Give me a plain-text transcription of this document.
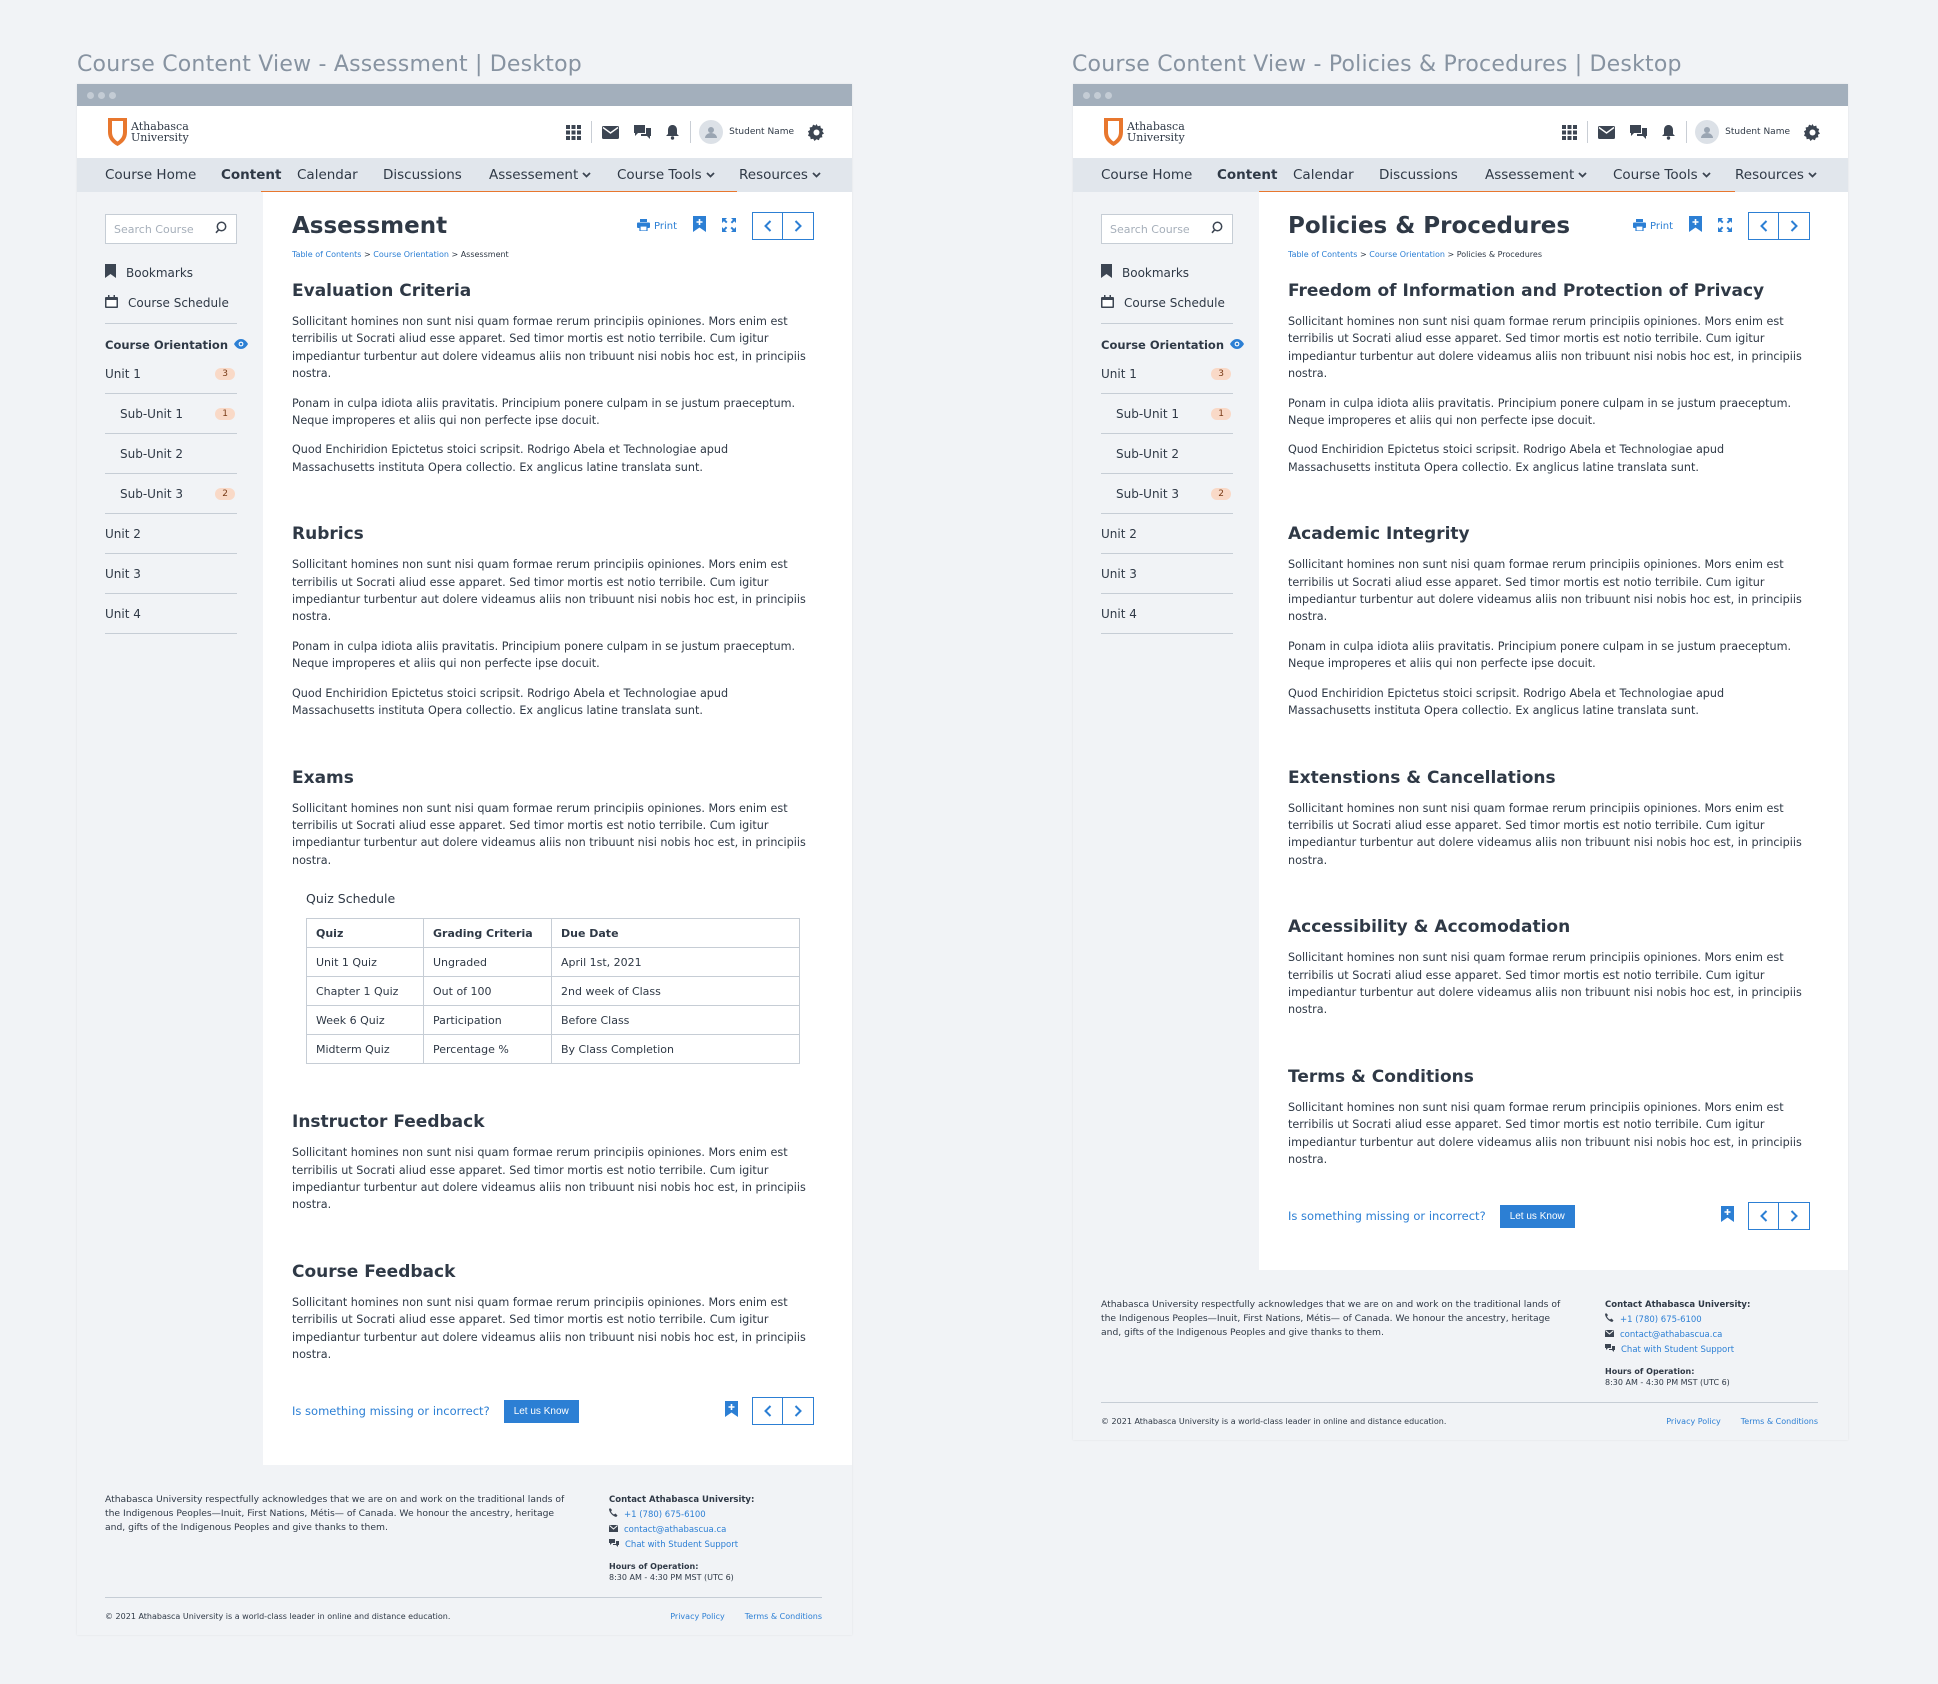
Course Content View - Assessment | Desktop	Course Content View - Policies & Procedures | Desktop
Athabasca
University	Student Name
Course Home Content Calendar Discussions Assessement	Course Tools	Resources
Search Course
Bookmarks
Course Schedule
Course Orientation
Unit 1	3
Sub-Unit 1	1
Sub-Unit 2
Sub-Unit 3	2
Unit 2
Unit 3
Unit 4
Assessment	Print
Table of Contents > Course Orientation > Assessment
Evaluation Criteria

Sollicitant homines non sunt nisi quam formae rerum principiis opiniones. Mors enim est terribilis ut Socrati aliud esse apparet. Sed timor mortis est notio terribile. Cum igitur impediantur turbentur aut dolere videamus aliis non tribuunt nisi nobis hoc est, in principiis nostra.

Ponam in culpa idiota aliis pravitatis. Principium ponere culpam in se justum praeceptum. Neque improperes et aliis qui non perfecte ipse docuit.

Quod Enchiridion Epictetus stoici scripsit. Rodrigo Abela et Technologiae apud Massachusetts instituta Opera collectio. Ex anglicus latine translata sunt.

Rubrics

Sollicitant homines non sunt nisi quam formae rerum principiis opiniones. Mors enim est terribilis ut Socrati aliud esse apparet. Sed timor mortis est notio terribile. Cum igitur impediantur turbentur aut dolere videamus aliis non tribuunt nisi nobis hoc est, in principiis nostra.

Ponam in culpa idiota aliis pravitatis. Principium ponere culpam in se justum praeceptum. Neque improperes et aliis qui non perfecte ipse docuit.

Quod Enchiridion Epictetus stoici scripsit. Rodrigo Abela et Technologiae apud Massachusetts instituta Opera collectio. Ex anglicus latine translata sunt.

Exams

Sollicitant homines non sunt nisi quam formae rerum principiis opiniones. Mors enim est terribilis ut Socrati aliud esse apparet. Sed timor mortis est notio terribile. Cum igitur impediantur turbentur aut dolere videamus aliis non tribuunt nisi nobis hoc est, in principiis nostra.

Quiz Schedule
Quiz	Grading Criteria	Due Date
Unit 1 Quiz	Ungraded	April 1st, 2021
Chapter 1 Quiz	Out of 100	2nd week of Class
Week 6 Quiz	Participation	Before Class
Midterm Quiz	Percentage %	By Class Completion
Instructor Feedback

Sollicitant homines non sunt nisi quam formae rerum principiis opiniones. Mors enim est terribilis ut Socrati aliud esse apparet. Sed timor mortis est notio terribile. Cum igitur impediantur turbentur aut dolere videamus aliis non tribuunt nisi nobis hoc est, in principiis nostra.

Course Feedback

Sollicitant homines non sunt nisi quam formae rerum principiis opiniones. Mors enim est terribilis ut Socrati aliud esse apparet. Sed timor mortis est notio terribile. Cum igitur impediantur turbentur aut dolere videamus aliis non tribuunt nisi nobis hoc est, in principiis nostra.

Is something missing or incorrect?	Let us Know
Athabasca University respectfully acknowledges that we are on and work on the traditional lands of the Indigenous Peoples—Inuit, First Nations, Métis— of Canada. We honour the ancestry, heritage and, gifts of the Indigenous Peoples and give thanks to them.
Contact Athabasca University:
+1 (780) 675-6100
contact@athabascua.ca
Chat with Student Support
Hours of Operation:
8:30 AM - 4:30 PM MST (UTC 6)
© 2021 Athabasca University is a world-class leader in online and distance education.	Privacy Policy	Terms & Conditions
Athabasca
University	Student Name
Course Home Content Calendar Discussions Assessement	Course Tools	Resources
Search Course
Bookmarks
Course Schedule
Course Orientation
Unit 1	3
Sub-Unit 1	1
Sub-Unit 2
Sub-Unit 3	2
Unit 2
Unit 3
Unit 4
Policies & Procedures	Print
Table of Contents > Course Orientation > Policies & Procedures
Freedom of Information and Protection of Privacy

Sollicitant homines non sunt nisi quam formae rerum principiis opiniones. Mors enim est terribilis ut Socrati aliud esse apparet. Sed timor mortis est notio terribile. Cum igitur impediantur turbentur aut dolere videamus aliis non tribuunt nisi nobis hoc est, in principiis nostra.

Ponam in culpa idiota aliis pravitatis. Principium ponere culpam in se justum praeceptum. Neque improperes et aliis qui non perfecte ipse docuit.

Quod Enchiridion Epictetus stoici scripsit. Rodrigo Abela et Technologiae apud Massachusetts instituta Opera collectio. Ex anglicus latine translata sunt.

Academic Integrity

Sollicitant homines non sunt nisi quam formae rerum principiis opiniones. Mors enim est terribilis ut Socrati aliud esse apparet. Sed timor mortis est notio terribile. Cum igitur impediantur turbentur aut dolere videamus aliis non tribuunt nisi nobis hoc est, in principiis nostra.

Ponam in culpa idiota aliis pravitatis. Principium ponere culpam in se justum praeceptum. Neque improperes et aliis qui non perfecte ipse docuit.

Quod Enchiridion Epictetus stoici scripsit. Rodrigo Abela et Technologiae apud Massachusetts instituta Opera collectio. Ex anglicus latine translata sunt.

Extenstions & Cancellations

Sollicitant homines non sunt nisi quam formae rerum principiis opiniones. Mors enim est terribilis ut Socrati aliud esse apparet. Sed timor mortis est notio terribile. Cum igitur impediantur turbentur aut dolere videamus aliis non tribuunt nisi nobis hoc est, in principiis nostra.

Accessibility & Accomodation

Sollicitant homines non sunt nisi quam formae rerum principiis opiniones. Mors enim est terribilis ut Socrati aliud esse apparet. Sed timor mortis est notio terribile. Cum igitur impediantur turbentur aut dolere videamus aliis non tribuunt nisi nobis hoc est, in principiis nostra.

Terms & Conditions

Sollicitant homines non sunt nisi quam formae rerum principiis opiniones. Mors enim est terribilis ut Socrati aliud esse apparet. Sed timor mortis est notio terribile. Cum igitur impediantur turbentur aut dolere videamus aliis non tribuunt nisi nobis hoc est, in principiis nostra.

Is something missing or incorrect?	Let us Know
Athabasca University respectfully acknowledges that we are on and work on the traditional lands of the Indigenous Peoples—Inuit, First Nations, Métis— of Canada. We honour the ancestry, heritage and, gifts of the Indigenous Peoples and give thanks to them.
Contact Athabasca University:
+1 (780) 675-6100
contact@athabascua.ca
Chat with Student Support
Hours of Operation:
8:30 AM - 4:30 PM MST (UTC 6)
© 2021 Athabasca University is a world-class leader in online and distance education.	Privacy Policy	Terms & Conditions
